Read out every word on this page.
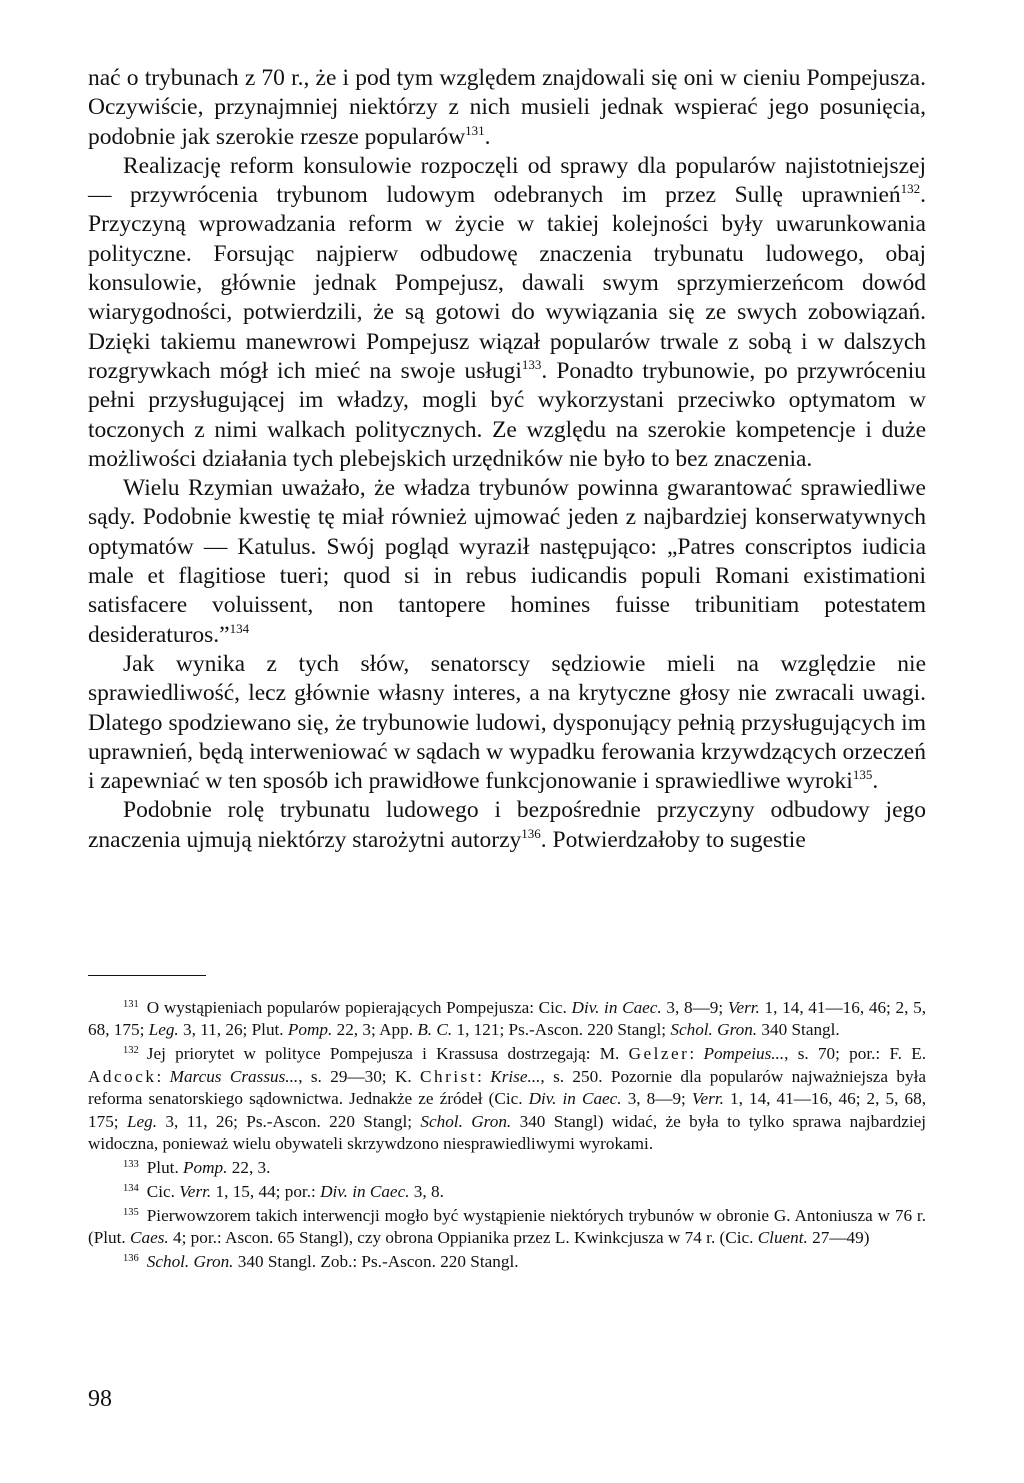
nać o trybunach z 70 r., że i pod tym względem znajdowali się oni w cieniu Pompejusza. Oczywiście, przynajmniej niektórzy z nich musieli jednak wspierać jego posunięcia, podobnie jak szerokie rzesze popularów$^{131}$.

Realizację reform konsulowie rozpoczęli od sprawy dla popularów najistotniejszej — przywrócenia trybunom ludowym odebranych im przez Sullę uprawnień$^{132}$. Przyczyną wprowadzania reform w życie w takiej kolejności były uwarunkowania polityczne. Forsując najpierw odbudowę znaczenia trybunatu ludowego, obaj konsulowie, głównie jednak Pompejusz, dawali swym sprzymierzeńcom dowód wiarygodności, potwierdzili, że są gotowi do wywiązania się ze swych zobowiązań. Dzięki takiemu manewrowi Pompejusz wiązał popularów trwale z sobą i w dalszych rozgrywkach mógł ich mieć na swoje usługi$^{133}$. Ponadto trybunowie, po przywróceniu pełni przysługującej im władzy, mogli być wykorzystani przeciwko optymatom w toczonych z nimi walkach politycznych. Ze względu na szerokie kompetencje i duże możliwości działania tych plebejskich urzędników nie było to bez znaczenia.

Wielu Rzymian uważało, że władza trybunów powinna gwarantować sprawiedliwe sądy. Podobnie kwestię tę miał również ujmować jeden z najbardziej konserwatywnych optymatów — Katulus. Swój pogląd wyraził następująco: „Patres conscriptos iudicia male et flagitiose tueri; quod si in rebus iudicandis populi Romani existimationi satisfacere voluissent, non tantopere homines fuisse tribunitiam potestatem desideraturos.”$^{134}$

Jak wynika z tych słów, senatorscy sędziowie mieli na względzie nie sprawiedliwość, lecz głównie własny interes, a na krytyczne głosy nie zwracali uwagi. Dlatego spodziewano się, że trybunowie ludowi, dysponujący pełnią przysługujących im uprawnień, będą interweniować w sądach w wypadku ferowania krzywdzących orzeczeń i zapewniać w ten sposób ich prawidłowe funkcjonowanie i sprawiedliwe wyroki$^{135}$.

Podobnie rolę trybunatu ludowego i bezpośrednie przyczyny odbudowy jego znaczenia ujmują niektórzy starożytni autorzy$^{136}$. Potwierdzałoby to sugestie

$^{131}$ O wystąpieniach popularów popierających Pompejusza: Cic. Div. in Caec. 3, 8—9; Verr. 1, 14, 41—16, 46; 2, 5, 68, 175; Leg. 3, 11, 26; Plut. Pomp. 22, 3; App. B. C. 1, 121; Ps.-Ascon. 220 Stangl; Schol. Gron. 340 Stangl.

$^{132}$ Jej priorytet w polityce Pompejusza i Krassusa dostrzegają: M. Gelzer: Pompeius..., s. 70; por.: F. E. Adcock: Marcus Crassus..., s. 29—30; K. Christ: Krise..., s. 250. Pozornie dla popularów najważniejsza była reforma senatorskiego sądownictwa. Jednakże ze źródeł (Cic. Div. in Caec. 3, 8—9; Verr. 1, 14, 41—16, 46; 2, 5, 68, 175; Leg. 3, 11, 26; Ps.-Ascon. 220 Stangl; Schol. Gron. 340 Stangl) widać, że była to tylko sprawa najbardziej widoczna, ponieważ wielu obywateli skrzywdzono niesprawiedliwymi wyrokami.

$^{133}$ Plut. Pomp. 22, 3.

$^{134}$ Cic. Verr. 1, 15, 44; por.: Div. in Caec. 3, 8.

$^{135}$ Pierwowzorem takich interwencji mogło być wystąpienie niektórych trybunów w obronie G. Antoniusza w 76 r. (Plut. Caes. 4; por.: Ascon. 65 Stangl), czy obrona Oppianika przez L. Kwinkcjusza w 74 r. (Cic. Cluent. 27—49)

$^{136}$ Schol. Gron. 340 Stangl. Zob.: Ps.-Ascon. 220 Stangl.

98
